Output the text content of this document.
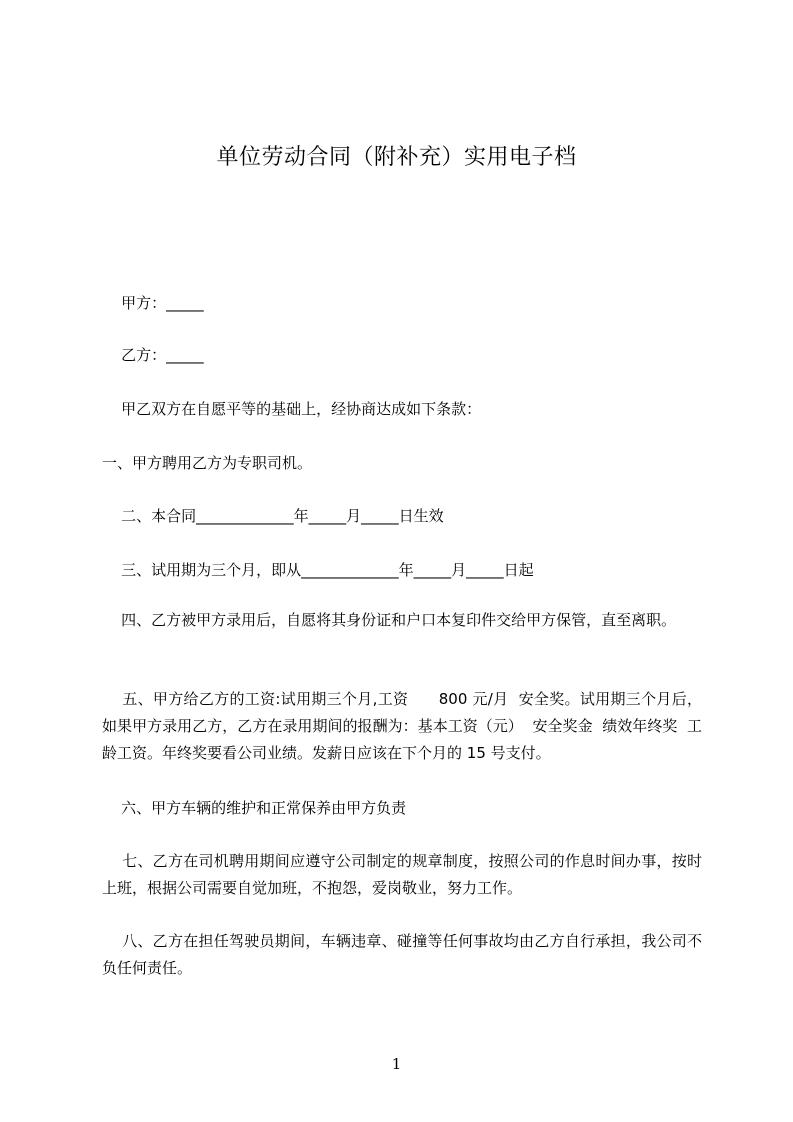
单位劳动合同（附补充）实用电子档
甲方：_____
乙方：_____
甲乙双方在自愿平等的基础上，经协商达成如下条款：
一、甲方聘用乙方为专职司机。
二、本合同_____________年_____月_____日生效
三、试用期为三个月，即从_____________年_____月_____日起
四、乙方被甲方录用后，自愿将其身份证和户口本复印件交给甲方保管，直至离职。
五、甲方给乙方的工资:试用期三个月,工资      800 元/月  安全奖。试用期三个月后，如果甲方录用乙方，乙方在录用期间的报酬为：基本工资（元）  安全奖金  绩效年终奖  工龄工资。年终奖要看公司业绩。发薪日应该在下个月的 15 号支付。
六、甲方车辆的维护和正常保养由甲方负责
七、乙方在司机聘用期间应遵守公司制定的规章制度，按照公司的作息时间办事，按时上班，根据公司需要自觉加班，不抱怨，爱岗敬业，努力工作。
八、乙方在担任驾驶员期间，车辆违章、碰撞等任何事故均由乙方自行承担，我公司不负任何责任。
1
